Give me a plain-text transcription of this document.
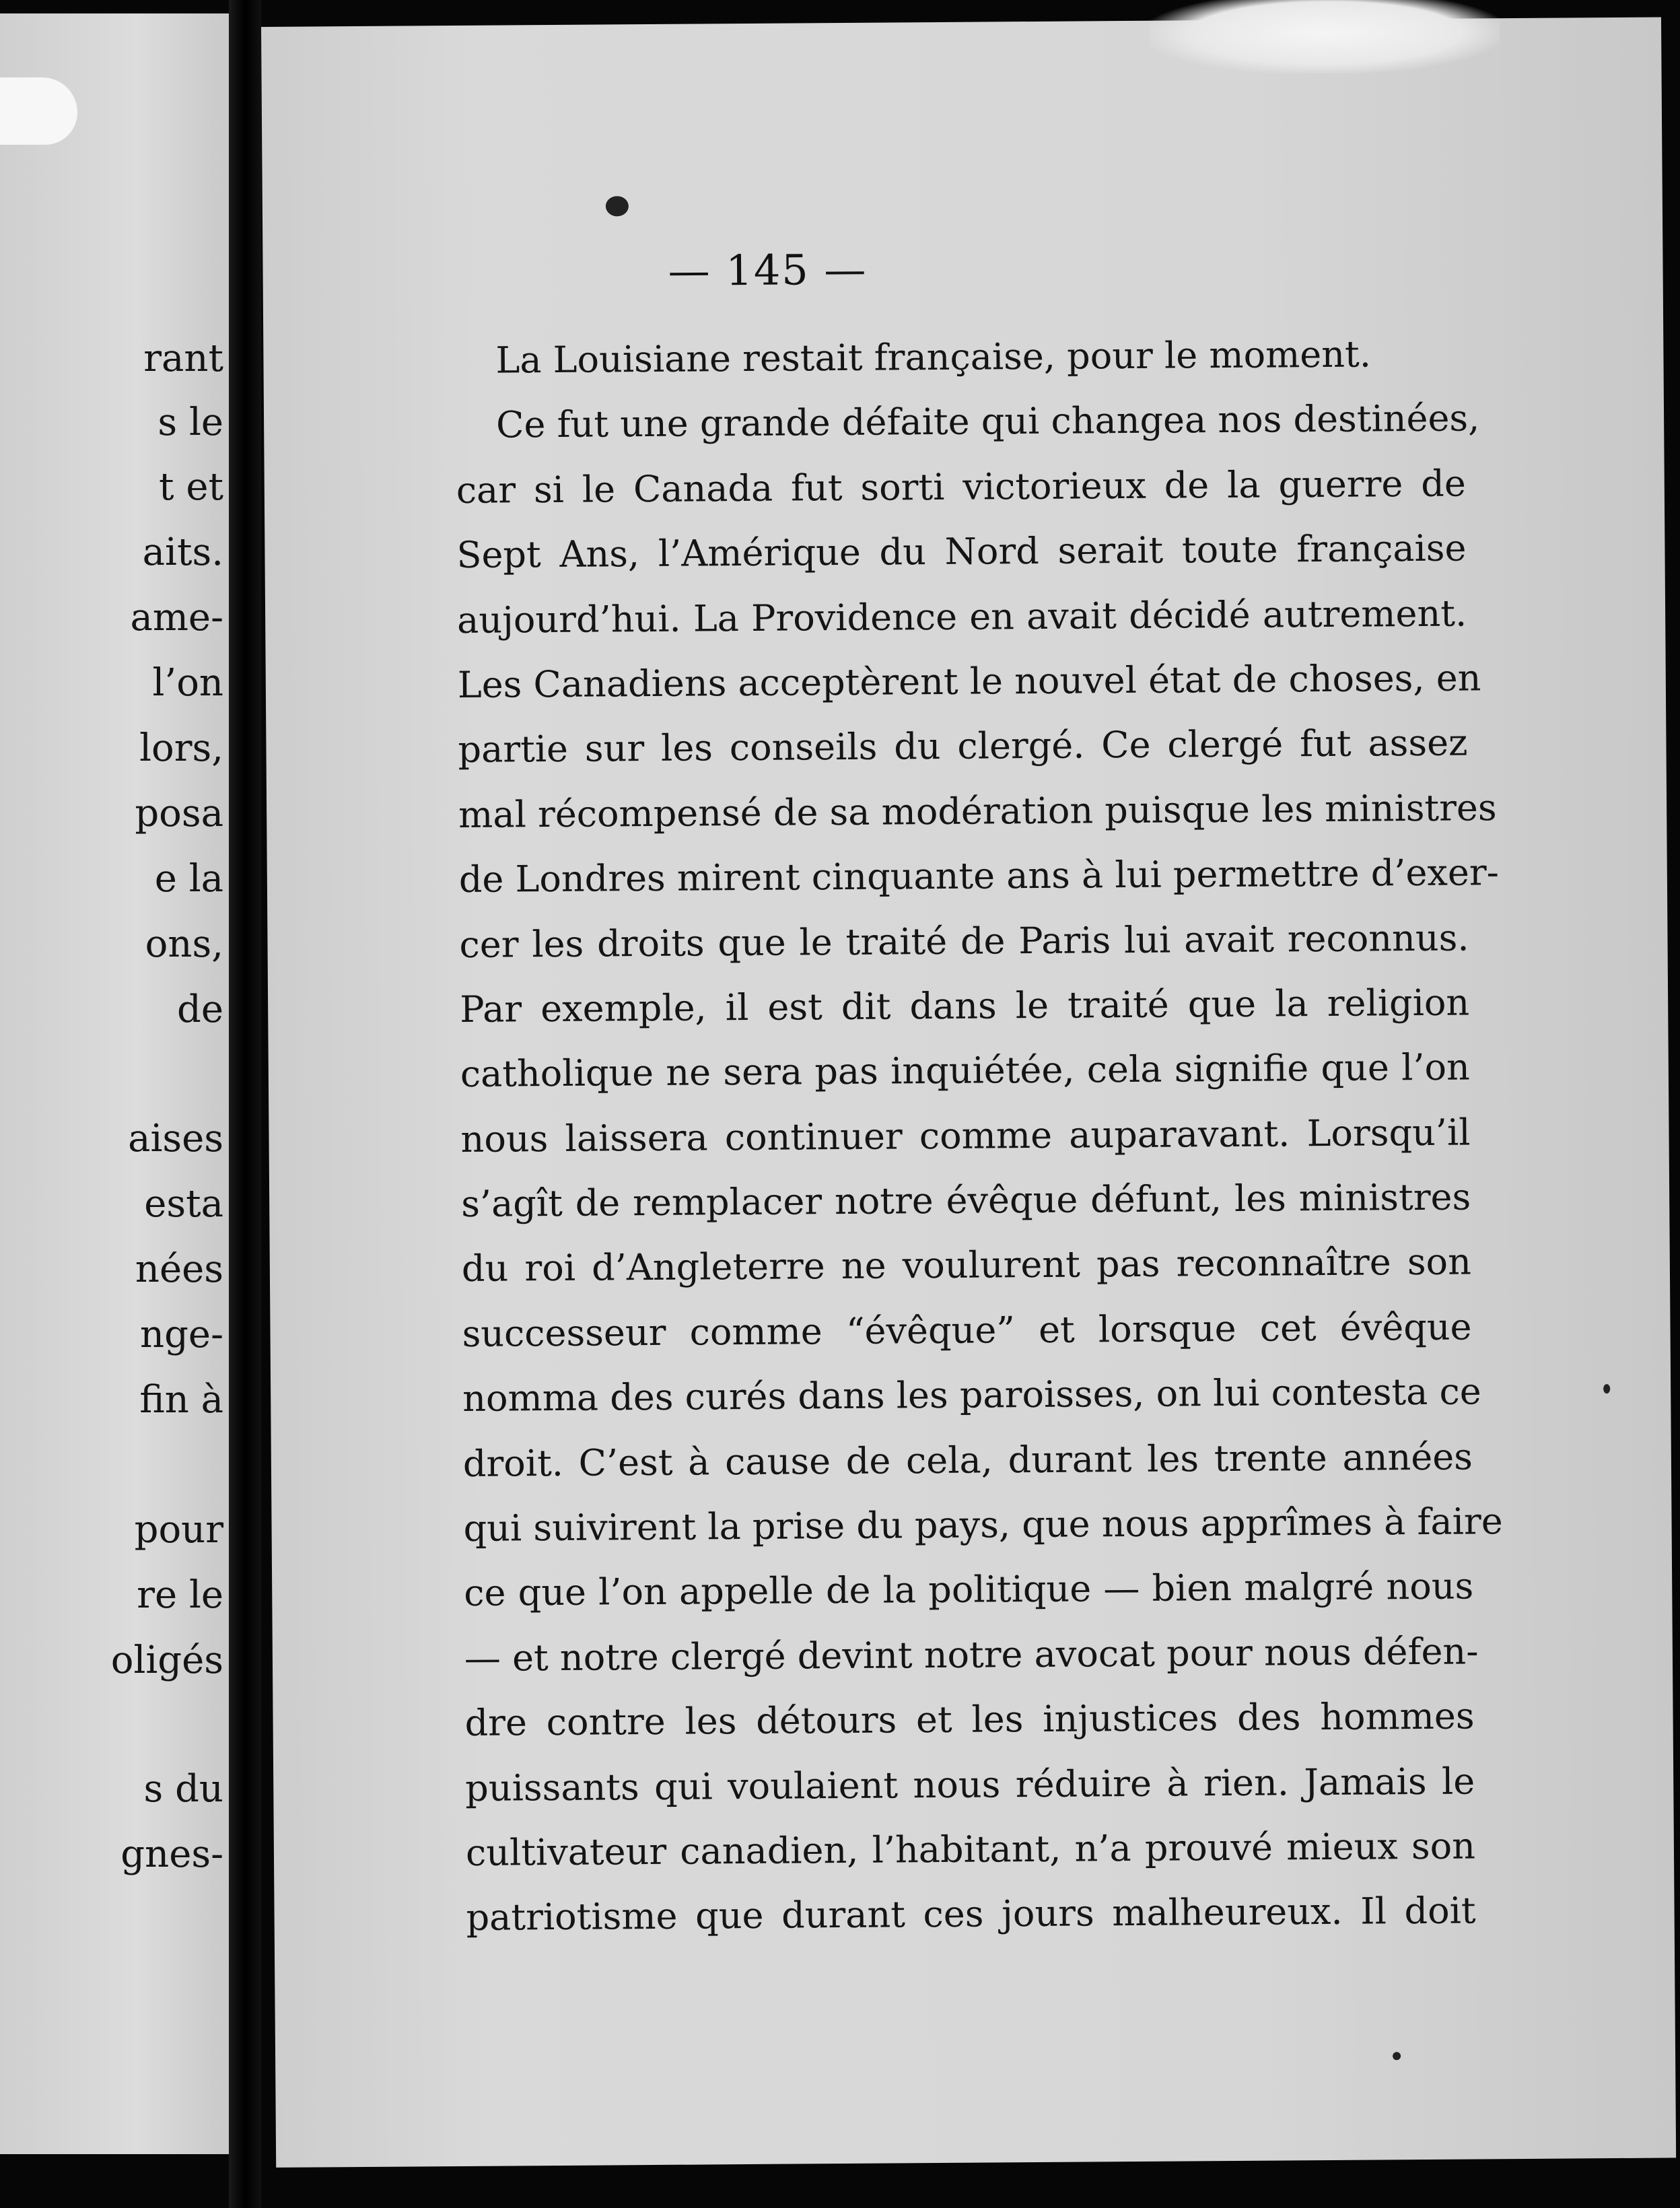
rant
s le
t et
aits.
ame-
l’on
lors,
posa
e la
ons,
de
aises
esta
nées
nge-
fin à
pour
re le
oligés
s du
gnes-
— 145 —
La Louisiane restait française, pour le moment.
Ce fut une grande défaite qui changea nos destinées,
car si le Canada fut sorti victorieux de la guerre de
Sept Ans, l’Amérique du Nord serait toute française
aujourd’hui. La Providence en avait décidé autrement.
Les Canadiens acceptèrent le nouvel état de choses, en
partie sur les conseils du clergé. Ce clergé fut assez
mal récompensé de sa modération puisque les ministres
de Londres mirent cinquante ans à lui permettre d’exer-
cer les droits que le traité de Paris lui avait reconnus.
Par exemple, il est dit dans le traité que la religion
catholique ne sera pas inquiétée, cela signifie que l’on
nous laissera continuer comme auparavant. Lorsqu’il
s’agît de remplacer notre évêque défunt, les ministres
du roi d’Angleterre ne voulurent pas reconnaître son
successeur comme “évêque” et lorsque cet évêque
nomma des curés dans les paroisses, on lui contesta ce
droit. C’est à cause de cela, durant les trente années
qui suivirent la prise du pays, que nous apprîmes à faire
ce que l’on appelle de la politique — bien malgré nous
— et notre clergé devint notre avocat pour nous défen-
dre contre les détours et les injustices des hommes
puissants qui voulaient nous réduire à rien. Jamais le
cultivateur canadien, l’habitant, n’a prouvé mieux son
patriotisme que durant ces jours malheureux. Il doit
